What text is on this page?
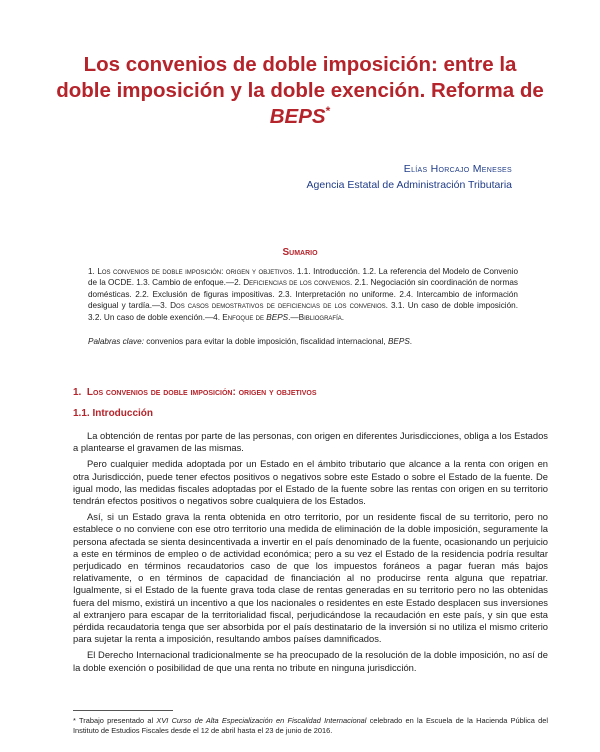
Los convenios de doble imposición: entre la
doble imposición y la doble exención. Reforma de
BEPS*
Elías Horcajo Meneses
Agencia Estatal de Administración Tributaria
Sumario
1. Los convenios de doble imposición: origen y objetivos. 1.1. Introducción. 1.2. La referencia del Modelo de Convenio de la OCDE. 1.3. Cambio de enfoque.—2. Deficiencias de los convenios. 2.1. Negociación sin coordinación de normas domésticas. 2.2. Exclusión de figuras impositivas. 2.3. Interpretación no uniforme. 2.4. Intercambio de información desigual y tardía.—3. Dos casos demostrativos de deficiencias de los convenios. 3.1. Un caso de doble imposición. 3.2. Un caso de doble exención.—4. Enfoque de BEPS.—Bibliografía.
Palabras clave: convenios para evitar la doble imposición, fiscalidad internacional, BEPS.
1. Los convenios de doble imposición: origen y objetivos
1.1. Introducción

La obtención de rentas por parte de las personas, con origen en diferentes Jurisdicciones, obliga a los Estados a plantearse el gravamen de las mismas.

Pero cualquier medida adoptada por un Estado en el ámbito tributario que alcance a la renta con origen en otra Jurisdicción, puede tener efectos positivos o negativos sobre este Estado o sobre el Estado de la fuente. De igual modo, las medidas fiscales adoptadas por el Estado de la fuente sobre las rentas con origen en su territorio tendrán efectos positivos o negativos sobre cualquiera de los Estados.

Así, si un Estado grava la renta obtenida en otro territorio, por un residente fiscal de su territorio, pero no establece o no conviene con ese otro territorio una medida de eliminación de la doble imposición, seguramente la persona afectada se sienta desincentivada a invertir en el país denominado de la fuente, ocasionando un perjuicio a este en términos de empleo o de actividad económica; pero a su vez el Estado de la residencia podría resultar perjudicado en términos recaudatorios caso de que los impuestos foráneos a pagar fueran más bajos relativamente, o en términos de capacidad de financiación al no producirse renta alguna que repatriar. Igualmente, si el Estado de la fuente grava toda clase de rentas generadas en su territorio pero no las obtenidas fuera del mismo, existirá un incentivo a que los nacionales o residentes en este Estado desplacen sus inversiones al extranjero para escapar de la territorialidad fiscal, perjudicándose la recaudación en este país, y sin que esta pérdida recaudatoria tenga que ser absorbida por el país destinatario de la inversión si no utiliza el mismo criterio para sujetar la renta a imposición, resultando ambos países damnificados.

El Derecho Internacional tradicionalmente se ha preocupado de la resolución de la doble imposición, no así de la doble exención o posibilidad de que una renta no tribute en ninguna jurisdicción.

* Trabajo presentado al XVI Curso de Alta Especialización en Fiscalidad Internacional celebrado en la Escuela de la Hacienda Pública del Instituto de Estudios Fiscales desde el 12 de abril hasta el 23 de junio de 2016.
